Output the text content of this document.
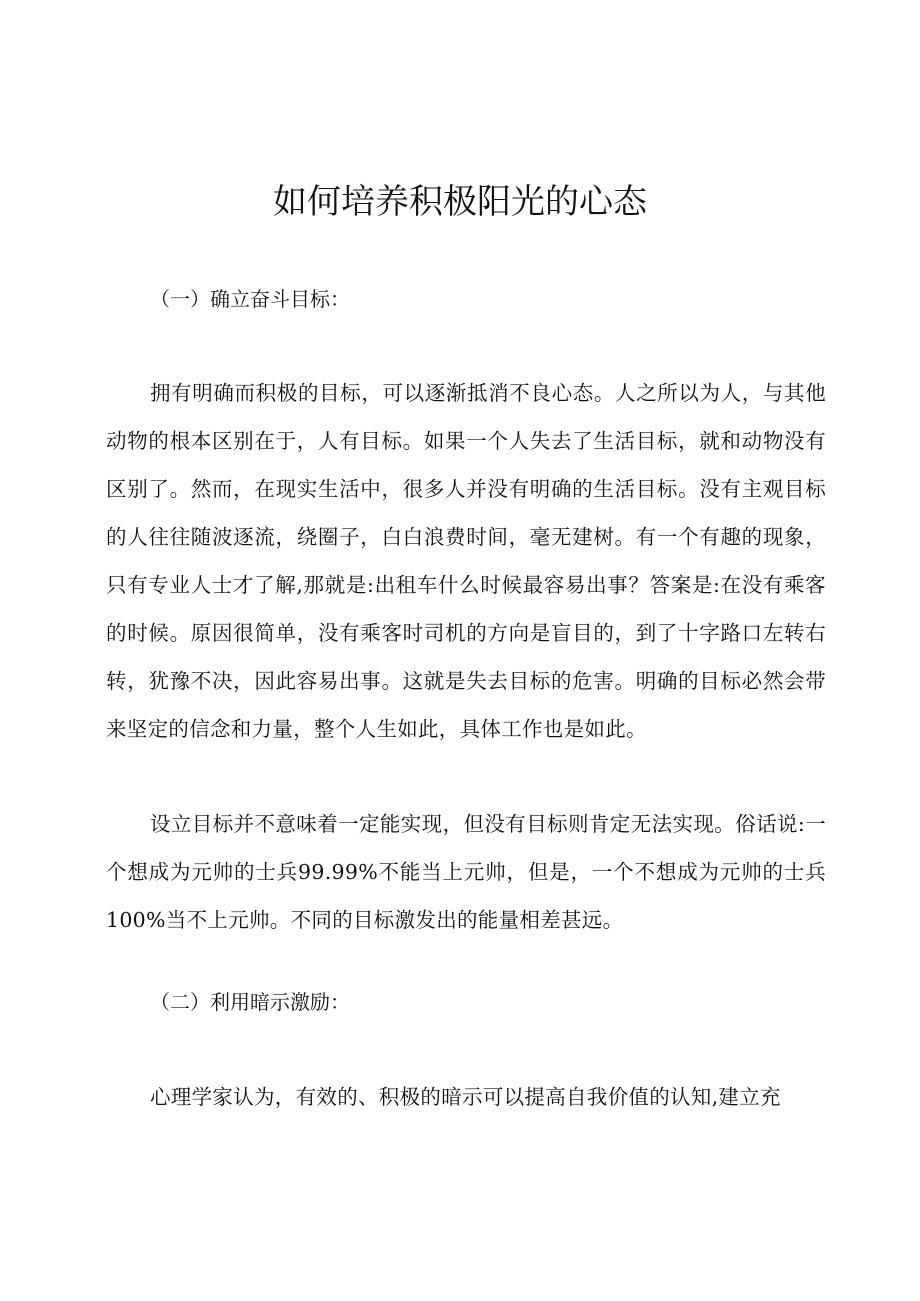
如何培养积极阳光的心态
（一）确立奋斗目标：
拥有明确而积极的目标，可以逐渐抵消不良心态。人之所以为人，与其他动物的根本区别在于，人有目标。如果一个人失去了生活目标，就和动物没有区别了。然而，在现实生活中，很多人并没有明确的生活目标。没有主观目标的人往往随波逐流，绕圈子，白白浪费时间，毫无建树。有一个有趣的现象，只有专业人士才了解,那就是:出租车什么时候最容易出事？答案是:在没有乘客的时候。原因很简单，没有乘客时司机的方向是盲目的，到了十字路口左转右转，犹豫不决，因此容易出事。这就是失去目标的危害。明确的目标必然会带来坚定的信念和力量，整个人生如此，具体工作也是如此。
设立目标并不意味着一定能实现，但没有目标则肯定无法实现。俗话说:一个想成为元帅的士兵99.99%不能当上元帅，但是，一个不想成为元帅的士兵100%当不上元帅。不同的目标激发出的能量相差甚远。
（二）利用暗示激励：
心理学家认为，有效的、积极的暗示可以提高自我价值的认知,建立充
